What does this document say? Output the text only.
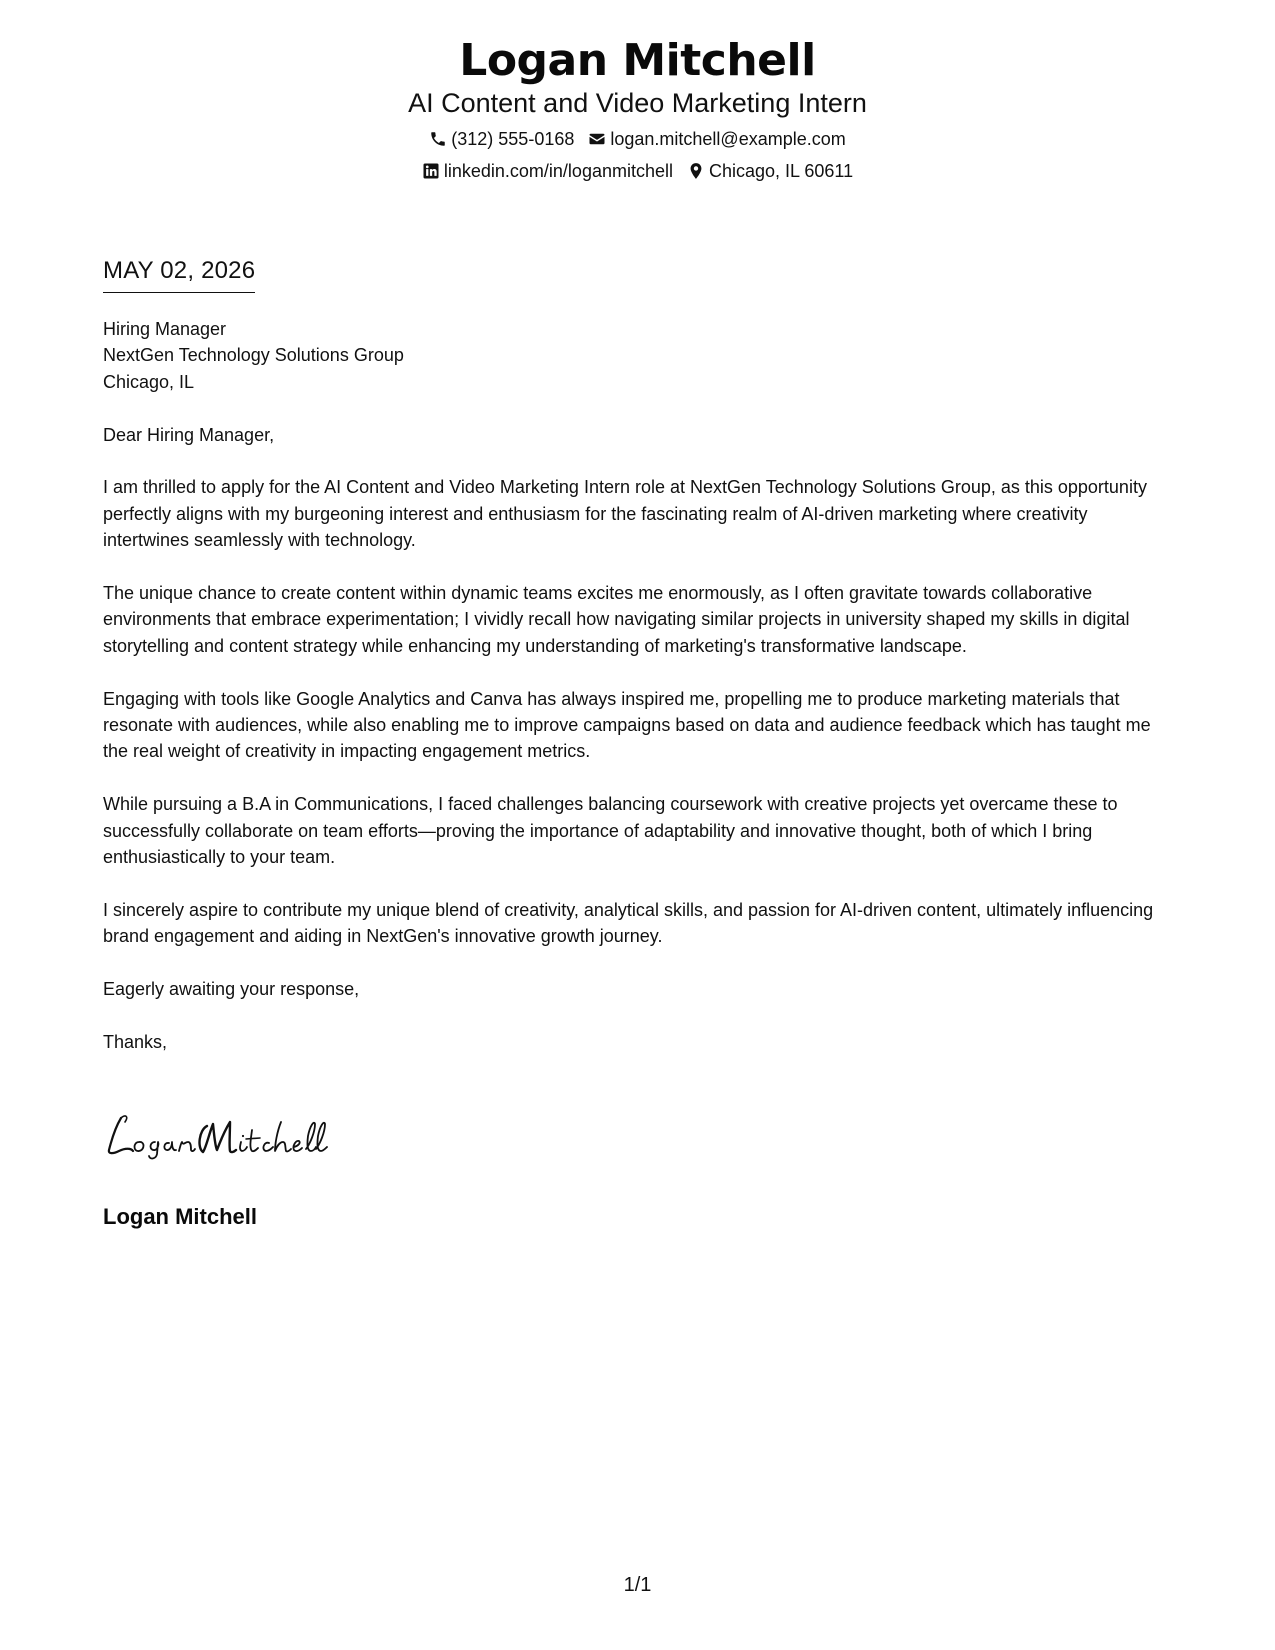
Logan Mitchell
AI Content and Video Marketing Intern
(312) 555-0168 logan.mitchell@example.com
linkedin.com/in/loganmitchell Chicago, IL 60611
MAY 02, 2026
Hiring Manager
NextGen Technology Solutions Group
Chicago, IL

Dear Hiring Manager,

I am thrilled to apply for the AI Content and Video Marketing Intern role at NextGen Technology Solutions Group, as this opportunity perfectly aligns with my burgeoning interest and enthusiasm for the fascinating realm of AI-driven marketing where creativity intertwines seamlessly with technology.

The unique chance to create content within dynamic teams excites me enormously, as I often gravitate towards collaborative environments that embrace experimentation; I vividly recall how navigating similar projects in university shaped my skills in digital storytelling and content strategy while enhancing my understanding of marketing's transformative landscape.

Engaging with tools like Google Analytics and Canva has always inspired me, propelling me to produce marketing materials that resonate with audiences, while also enabling me to improve campaigns based on data and audience feedback which has taught me the real weight of creativity in impacting engagement metrics.

While pursuing a B.A in Communications, I faced challenges balancing coursework with creative projects yet overcame these to successfully collaborate on team efforts—proving the importance of adaptability and innovative thought, both of which I bring enthusiastically to your team.

I sincerely aspire to contribute my unique blend of creativity, analytical skills, and passion for AI-driven content, ultimately influencing brand engagement and aiding in NextGen's innovative growth journey.

Eagerly awaiting your response,

Thanks,

Logan Mitchell
1/1
